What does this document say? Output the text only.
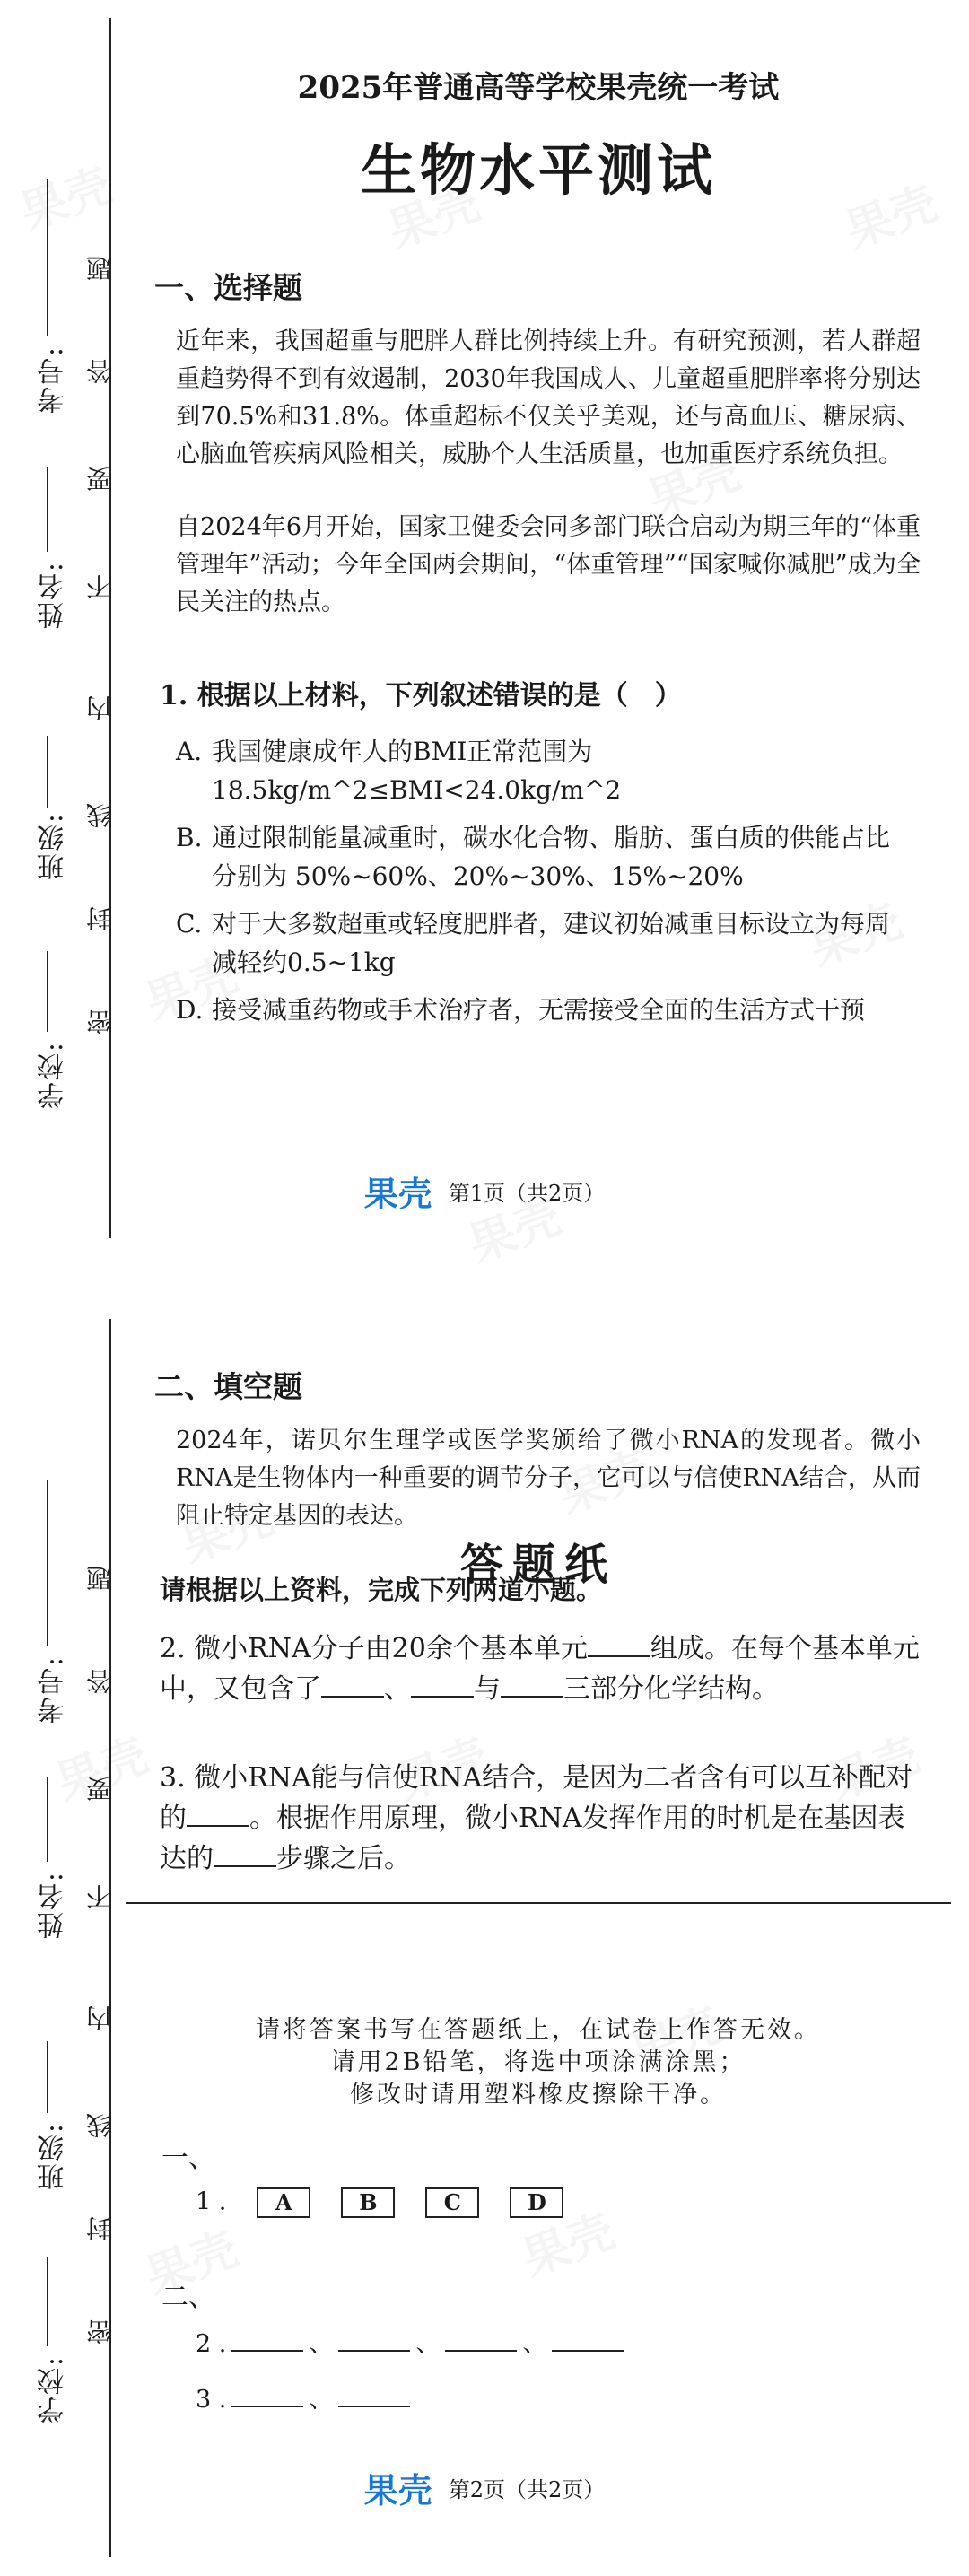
学校:
班级:
姓名:
考号:
密
封
线
内
不
要
答
题
2025年普通高等学校果壳统一考试
生物水平测试
一、选择题
近年来，我国超重与肥胖人群比例持续上升。有研究预测，若人群超重趋势得不到有效遏制，2030年我国成人、儿童超重肥胖率将分别达到70.5%和31.8%。体重超标不仅关乎美观，还与高血压、糖尿病、心脑血管疾病风险相关，威胁个人生活质量，也加重医疗系统负担。
自2024年6月开始，国家卫健委会同多部门联合启动为期三年的“体重管理年”活动；今年全国两会期间，“体重管理”“国家喊你减肥”成为全民关注的热点。
1. 根据以上材料，下列叙述错误的是（　）
A. 我国健康成年人的BMI正常范围为18.5kg/m^2≤BMI<24.0kg/m^2
B. 通过限制能量减重时，碳水化合物、脂肪、蛋白质的供能占比分别为 50%~60%、20%~30%、15%~20%
C. 对于大多数超重或轻度肥胖者，建议初始减重目标设立为每周减轻约0.5~1kg
D. 接受减重药物或手术治疗者，无需接受全面的生活方式干预
果壳 第1页（共2页）
学校:
班级:
姓名:
考号:
密
封
线
内
不
要
答
题
二、填空题
2024年，诺贝尔生理学或医学奖颁给了微小RNA的发现者。微小RNA是生物体内一种重要的调节分子，它可以与信使RNA结合，从而阻止特定基因的表达。
请根据以上资料，完成下列两道小题。
2. 微小RNA分子由20余个基本单元 组成。在每个基本单元中，又包含了 、 与 三部分化学结构。
3. 微小RNA能与信使RNA结合，是因为二者含有可以互补配对的 。根据作用原理，微小RNA发挥作用的时机是在基因表达的 步骤之后。
答题纸
请将答案书写在答题纸上，在试卷上作答无效。
请用2B铅笔，将选中项涂满涂黑；
修改时请用塑料橡皮擦除干净。
一、
1 . A	B	C	D
二、
2 .	、	、	、
3 .	、
果壳 第2页（共2页）
